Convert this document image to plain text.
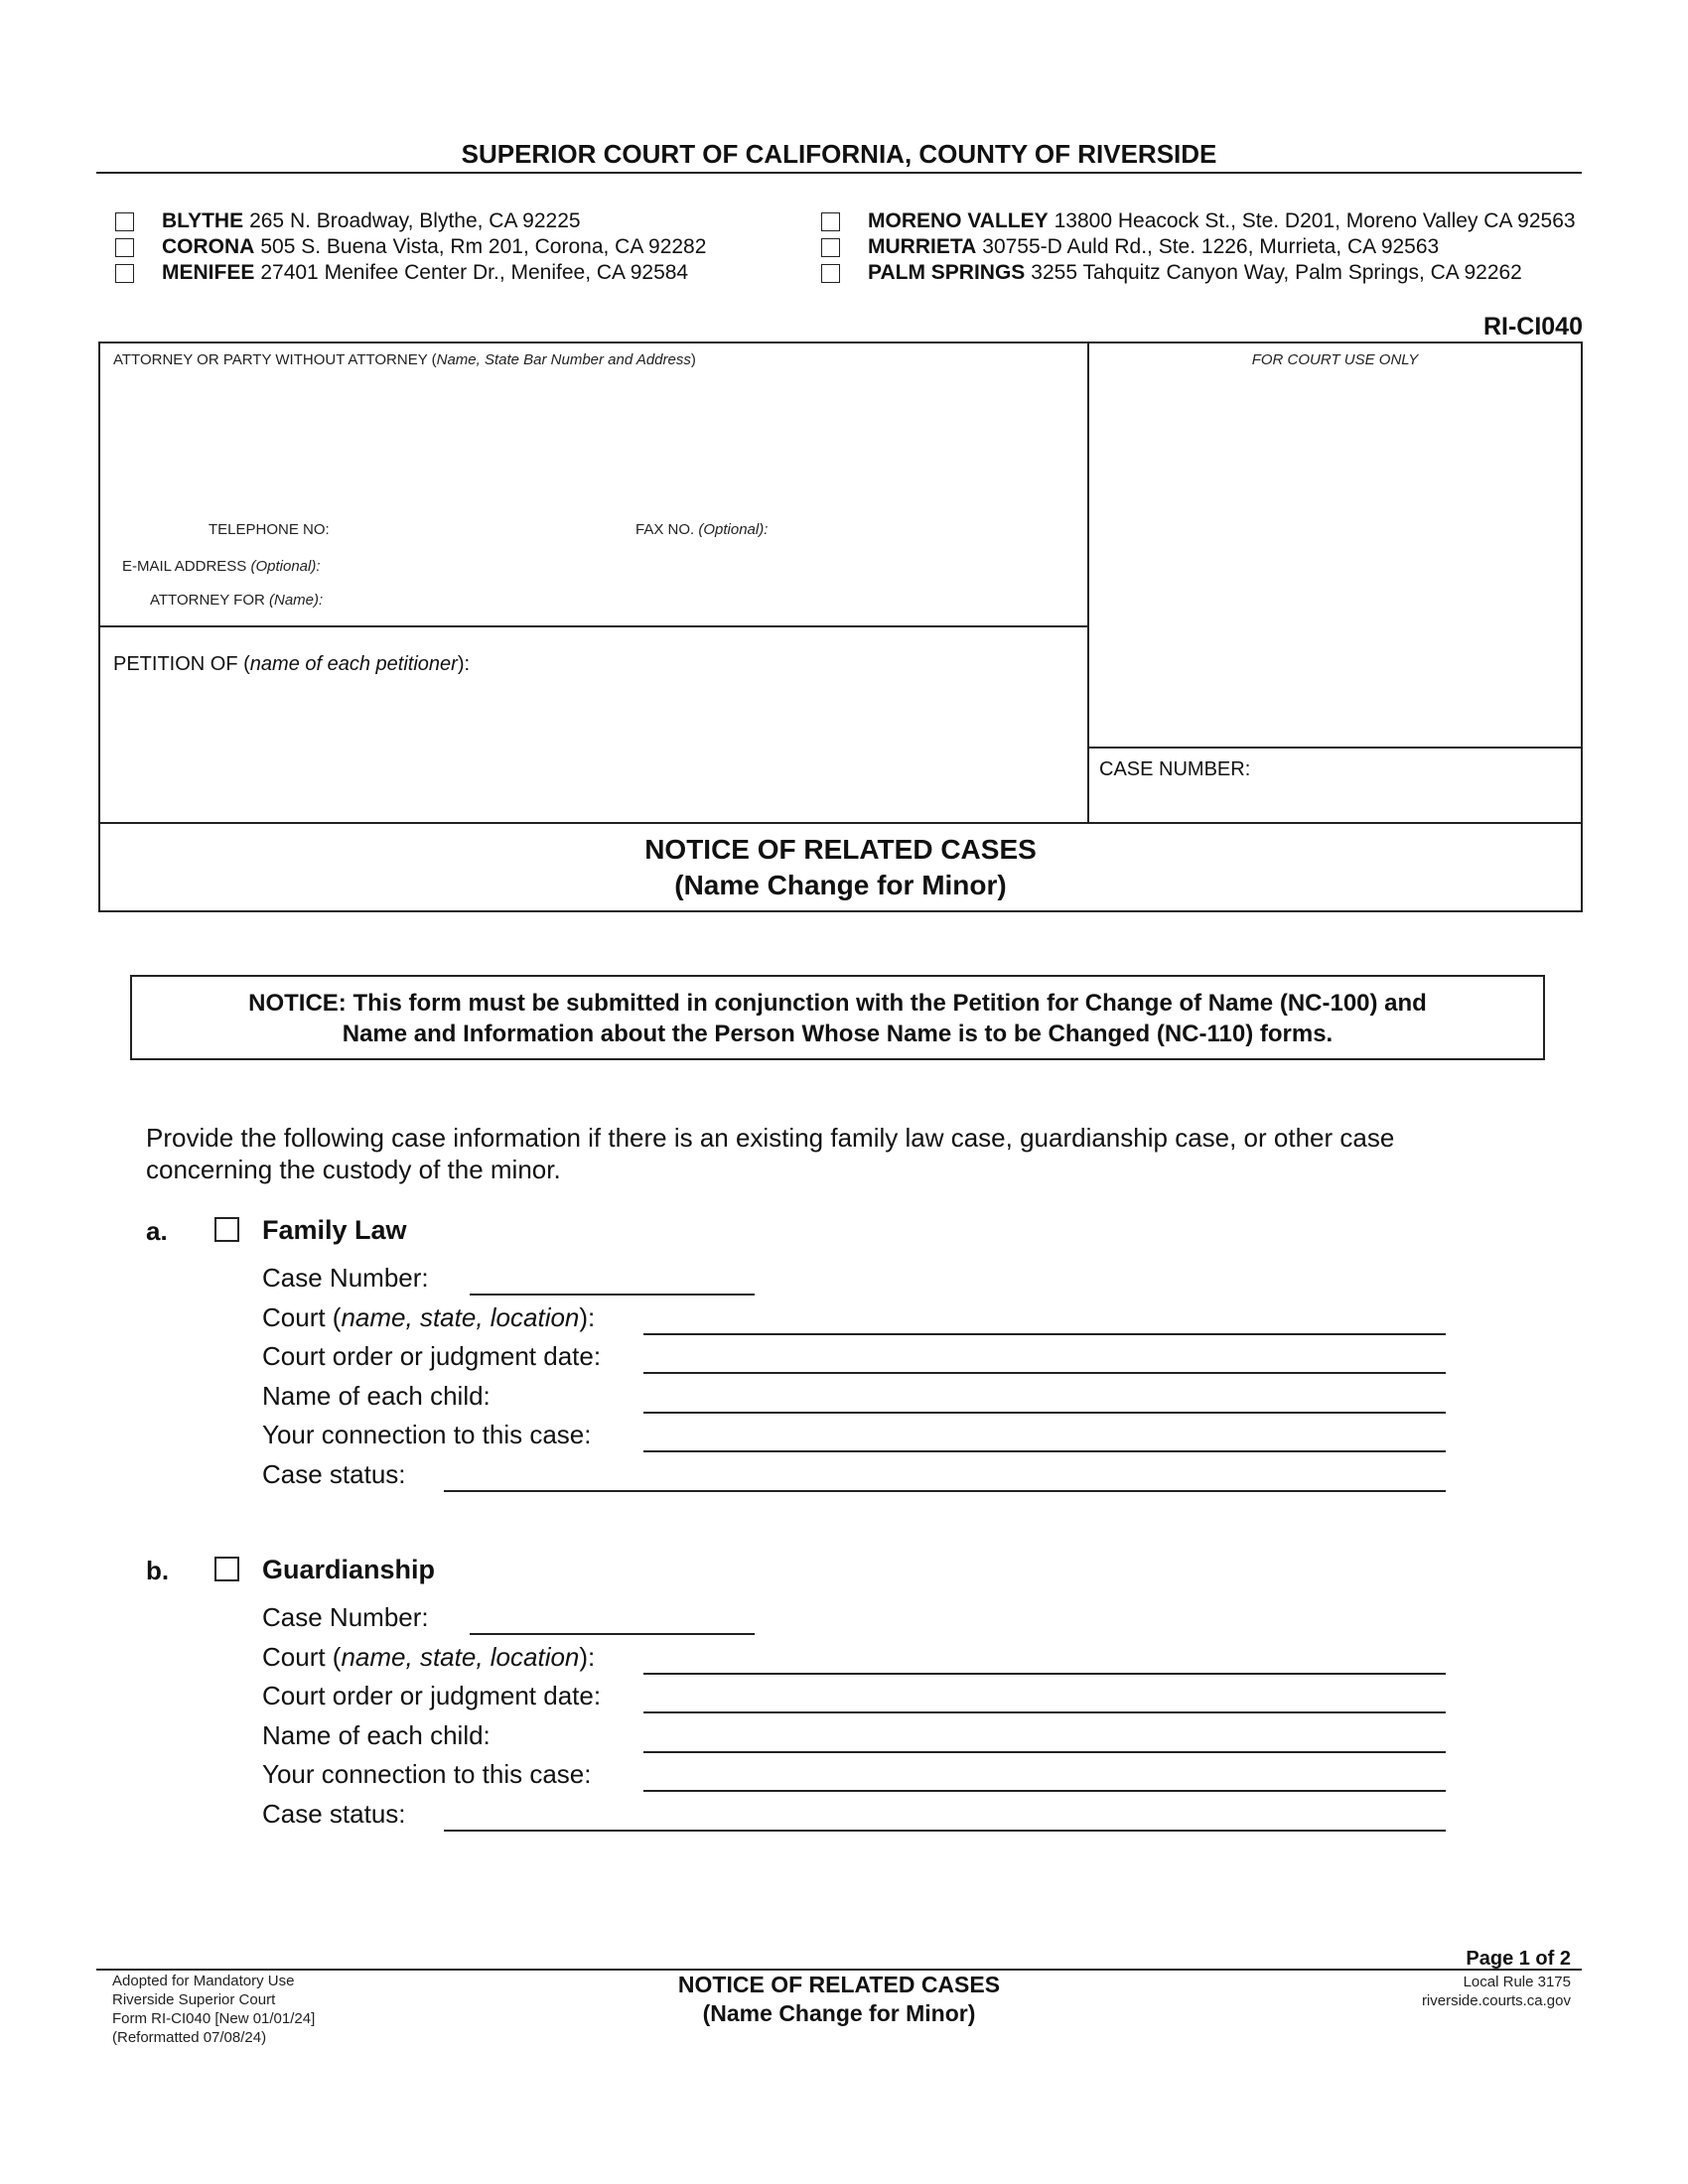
SUPERIOR COURT OF CALIFORNIA, COUNTY OF RIVERSIDE
BLYTHE 265 N. Broadway, Blythe, CA 92225
CORONA 505 S. Buena Vista, Rm 201, Corona, CA 92282
MENIFEE 27401 Menifee Center Dr., Menifee, CA 92584
MORENO VALLEY 13800 Heacock St., Ste. D201, Moreno Valley CA 92563
MURRIETA 30755-D Auld Rd., Ste. 1226, Murrieta, CA 92563
PALM SPRINGS 3255 Tahquitz Canyon Way, Palm Springs, CA 92262
RI-CI040
ATTORNEY OR PARTY WITHOUT ATTORNEY (Name, State Bar Number and Address)	FOR COURT USE ONLY
TELEPHONE NO:	FAX NO. (Optional):
E-MAIL ADDRESS (Optional):
ATTORNEY FOR (Name):
PETITION OF (name of each petitioner):
CASE NUMBER:
NOTICE OF RELATED CASES
(Name Change for Minor)
NOTICE: This form must be submitted in conjunction with the Petition for Change of Name (NC-100) and
Name and Information about the Person Whose Name is to be Changed (NC-110) forms.
Provide the following case information if there is an existing family law case, guardianship case, or other case
concerning the custody of the minor.
a.	Family Law
Case Number:
Court (name, state, location):
Court order or judgment date:
Name of each child:
Your connection to this case:
Case status:
b.	Guardianship
Case Number:
Court (name, state, location):
Court order or judgment date:
Name of each child:
Your connection to this case:
Case status:
Page 1 of 2
Adopted for Mandatory Use
Riverside Superior Court
Form RI-CI040 [New 01/01/24]
(Reformatted 07/08/24)
NOTICE OF RELATED CASES
(Name Change for Minor)
Local Rule 3175
riverside.courts.ca.gov
